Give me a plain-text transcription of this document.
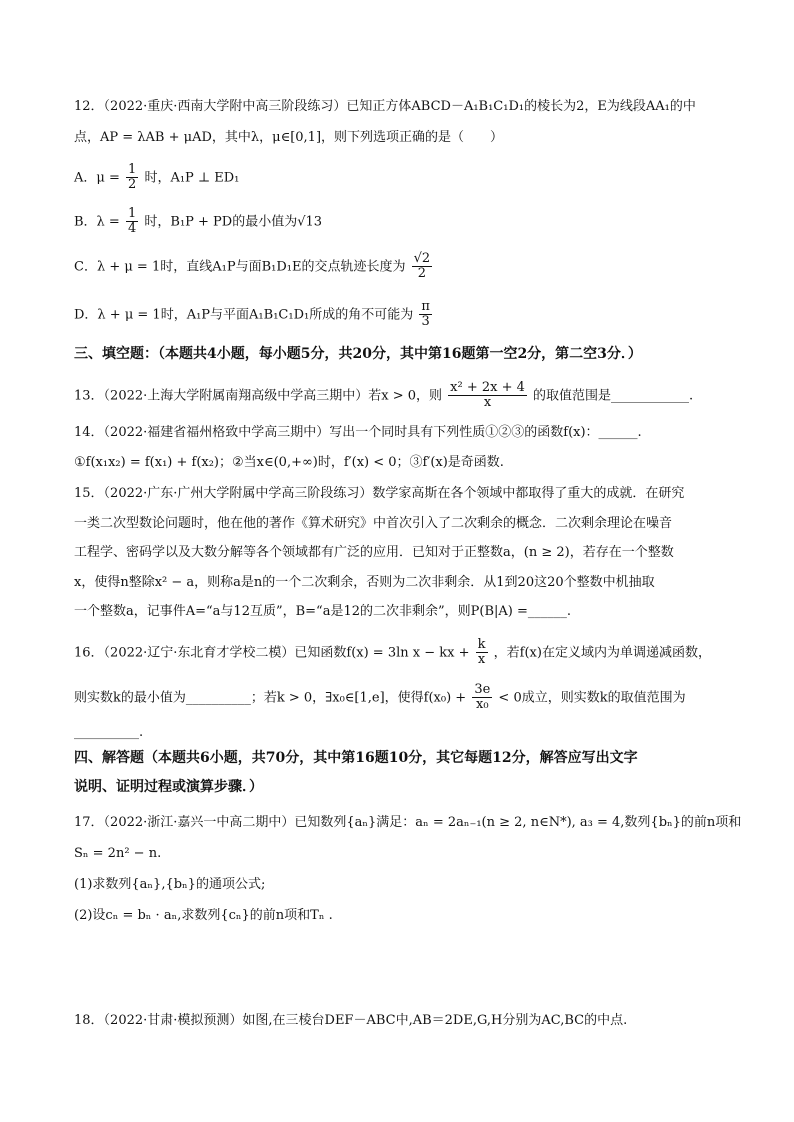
12．（2022·重庆·西南大学附中高三阶段练习）已知正方体ABCD－A₁B₁C₁D₁的棱长为2，E为线段AA₁的中
点，AP = λAB + μAD，其中λ，μ∈[0,1]，则下列选项正确的是（　　）
A．$\mu = \frac{1}{2}$ 时，A₁P ⊥ ED₁
B．$\lambda = \frac{1}{4}$ 时，B₁P + PD的最小值为√13
C．λ + μ = 1时，直线A₁P与面B₁D₁E的交点轨迹长度为 $\frac{√2}{2}$
D．λ + μ = 1时，A₁P与平面A₁B₁C₁D₁所成的角不可能为 $\frac{\pi}{3}$
三、填空题：（本题共4小题，每小题5分，共20分，其中第16题第一空2分，第二空3分．）
13．（2022·上海大学附属南翔高级中学高三期中）若x > 0，则 $\frac{\text{x² + 2x + 4}}{x}$ 的取值范围是____________.
14．（2022·福建省福州格致中学高三期中）写出一个同时具有下列性质①②③的函数f(x)：______.
①f(x₁x₂) = f(x₁) + f(x₂)；②当x∈(0,+∞)时，f′(x) < 0；③f′(x)是奇函数.
15．（2022·广东·广州大学附属中学高三阶段练习）数学家高斯在各个领域中都取得了重大的成就．在研究
一类二次型数论问题时，他在他的著作《算术研究》中首次引入了二次剩余的概念．二次剩余理论在噪音
工程学、密码学以及大数分解等各个领域都有广泛的应用．已知对于正整数a，(n ≥ 2)，若存在一个整数
x，使得n整除x² − a，则称a是n的一个二次剩余，否则为二次非剩余．从1到20这20个整数中机抽取
一个整数a，记事件A=“a与12互质”，B=“a是12的二次非剩余”，则P(B|A) =______.
16．（2022·辽宁·东北育才学校二模）已知函数f(x) = 3ln x − kx + $\frac{k}{x}$ ，若f(x)在定义域内为单调递减函数，
则实数k的最小值为__________；若k > 0，∃x₀∈[1,e]，使得$f(x_0) + \frac{3e}{\text{x₀}} < 0$成立，则实数k的取值范围为
__________.
四、解答题（本题共6小题，共70分，其中第16题10分，其它每题12分，解答应写出文字
说明、证明过程或演算步骤．）
17．（2022·浙江·嘉兴一中高二期中）已知数列{aₙ}满足：aₙ = 2aₙ₋₁(n ≥ 2, n∈N*), a₃ = 4,数列{bₙ}的前n项和
Sₙ = 2n² − n.
(1)求数列{aₙ},{bₙ}的通项公式;
(2)设cₙ = bₙ · aₙ,求数列{cₙ}的前n项和Tₙ .
18．（2022·甘肃·模拟预测）如图,在三棱台DEF－ABC中,AB＝2DE,G,H分别为AC,BC的中点.
